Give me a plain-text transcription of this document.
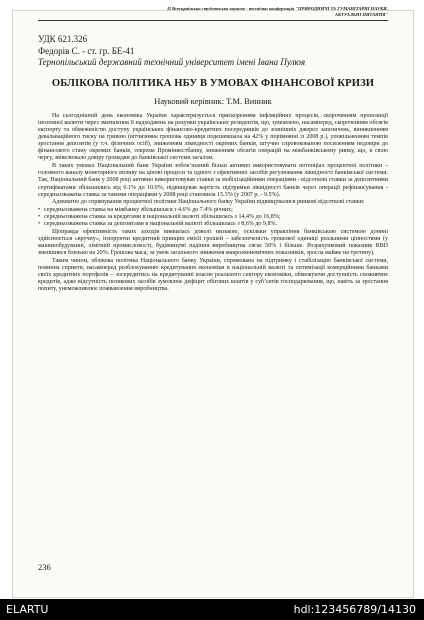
II Всеукраїнська студентська науково - технічна конференція "ПРИРОДНИЧІ ТА ГУМАНІТАРНІ НАУКИ.
АКТУАЛЬНІ ПИТАННЯ"
УДК 621.326
Федорів С. - ст. гр. БЕ-41
Тернопільський державний технічний університет імені Івана Пулюя
ОБЛІКОВА ПОЛІТИКА НБУ В УМОВАХ ФІНАНСОВОЇ КРИЗИ
Науковий керівник: Т.М. Винник

На сьогоднішній день економіка України характеризується прискоренням інфляційних процесів, скороченням пропозиції іноземної валюти через зменшення її надходжень на рахунки українських резидентів, що, зумовлено, насамперед, скороченням обсягів експорту та обмеженістю доступу українських фінансово-кредитних посередників до зовнішніх джерел запозичень, виникненням девальваційного тиску на гривню (вітчизняна грошова одиниця подешевшала на 42% у порівнянні із 2008 р.), уповільненням темпів зростання депозитів (у т.ч. фізичних осіб), зниженням ліквідності окремих банків, штучно спровокованою посиленням недовіри до фінансового стану окремих банків, зокрема Промінвестбанку, зниженням обсягів операцій на міжбанківському ринку, що, в свою чергу, звівелювало довіру громадян до банківської системи загалом.

В таких умовах Національний банк України зобов’язаний більш активно використовувати потенціал процентної політики – головного каналу монетарного впливу на цінові процеси та одного з ефективних засобів регулювання ліквідності банківської системи. Так, Національний банк у 2008 році активно використовував ставки за мобілізаційними операціями - відсоткові ставки за депозитними сертифікатами збільшились від 0.1% до 10.0%, підвищував вартість підтримки ліквідності банків через операції рефінансування - середньозважена ставка за такими операціями у 2008 році становила 15.3% (у 2007 р. - 9.5%).

Адекватно до спрямування процентної політики Національного банку України підвищувалися ринкові відсоткові ставки:

• середньозважена ставка на міжбанку збільшилася з 4.6% до 7.4% річних;

• середньозважена ставка за кредитами в національній валюті збільшилась з 14,4% до 16,8%;

• середньозважена ставка за депозитами в національній валюті збільшилась з 8,6% до 9,8%.

Щоправда ефективність таких заходів виявилась доволі низькою, оскільки управління банківською системою донині здійснюється «вручну», ігноруючи кредитний принцип емісії грошей – забезпеченість грошової одиниці реальними цінностями (у машинобудуванні, хімічній промисловості, будівництві падіння виробництва сягає 50% і більше. Розрахунковий показник ВВП зменшився близько на 20%. Грошова маса, за умов загального зниження макроекономічних показників, зросла майже на третину).

Таким чином, облікова політика Національного банку України, спрямована на підтримку і стабілізацію банківської системи, повинна сприяти, насамперед розблокуванню кредитування економіки в національній валюті та оптимізації комерційними банками своїх кредитних портфелів – зосередитись на кредитуванні власне реального сектору економіки, обмежуючи доступність споживчих кредитів, адже відсутність позикових засобів зумовлює дефіцит обігових коштів у суб’єктів господарювання, що, навіть за зростання попиту, унеможливлює пожвавлення виробництва.

236
ELARTU	hdl:123456789/14130
